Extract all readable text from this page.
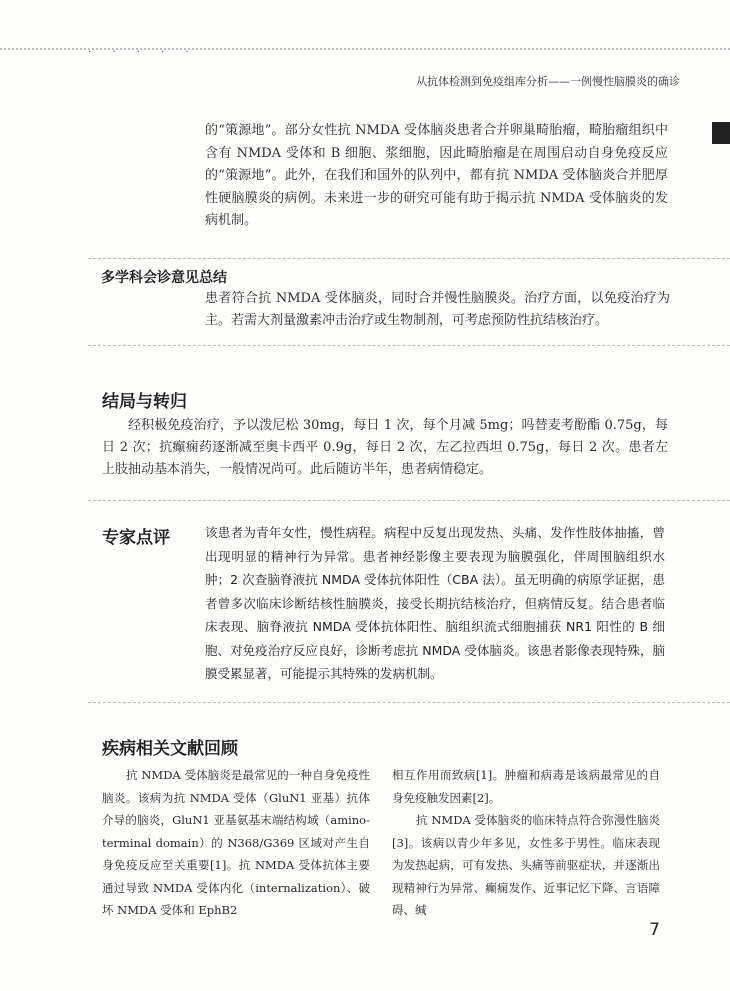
. . . . .
从抗体检测到免疫组库分析——一例慢性脑膜炎的确诊

的“策源地”。部分女性抗 NMDA 受体脑炎患者合并卵巢畸胎瘤，畸胎瘤组织中含有 NMDA 受体和 B 细胞、浆细胞，因此畸胎瘤是在周围启动自身免疫反应的“策源地”。此外，在我们和国外的队列中，都有抗 NMDA 受体脑炎合并肥厚性硬脑膜炎的病例。未来进一步的研究可能有助于揭示抗 NMDA 受体脑炎的发病机制。

多学科会诊意见总结

患者符合抗 NMDA 受体脑炎，同时合并慢性脑膜炎。治疗方面，以免疫治疗为主。若需大剂量激素冲击治疗或生物制剂，可考虑预防性抗结核治疗。

结局与转归

经积极免疫治疗，予以泼尼松 30mg，每日 1 次，每个月减 5mg；吗替麦考酚酯 0.75g，每日 2 次；抗癫痫药逐渐减至奥卡西平 0.9g，每日 2 次，左乙拉西坦 0.75g，每日 2 次。患者左上肢抽动基本消失，一般情况尚可。此后随访半年，患者病情稳定。

专家点评	该患者为青年女性，慢性病程。病程中反复出现发热、头痛、发作性肢体抽搐，曾出现明显的精神行为异常。患者神经影像主要表现为脑膜强化，伴周围脑组织水肿；2 次查脑脊液抗 NMDA 受体抗体阳性（CBA 法）。虽无明确的病原学证据，患者曾多次临床诊断结核性脑膜炎，接受长期抗结核治疗，但病情反复。结合患者临床表现、脑脊液抗 NMDA 受体抗体阳性、脑组织流式细胞捕获 NR1 阳性的 B 细胞、对免疫治疗反应良好，诊断考虑抗 NMDA 受体脑炎。该患者影像表现特殊，脑膜受累显著，可能提示其特殊的发病机制。

疾病相关文献回顾

抗 NMDA 受体脑炎是最常见的一种自身免疫性脑炎。该病为抗 NMDA 受体（GluN1 亚基）抗体介导的脑炎，GluN1 亚基氨基末端结构域（amino-terminal domain）的 N368/G369 区域对产生自身免疫反应至关重要[1]。抗 NMDA 受体抗体主要通过导致 NMDA 受体内化（internalization）、破坏 NMDA 受体和 EphB2

相互作用而致病[1]。肿瘤和病毒是该病最常见的自身免疫触发因素[2]。

抗 NMDA 受体脑炎的临床特点符合弥漫性脑炎[3]。该病以青少年多见，女性多于男性。临床表现为发热起病，可有发热、头痛等前驱症状，并逐渐出现精神行为异常、癫痫发作、近事记忆下降、言语障碍、缄

7
